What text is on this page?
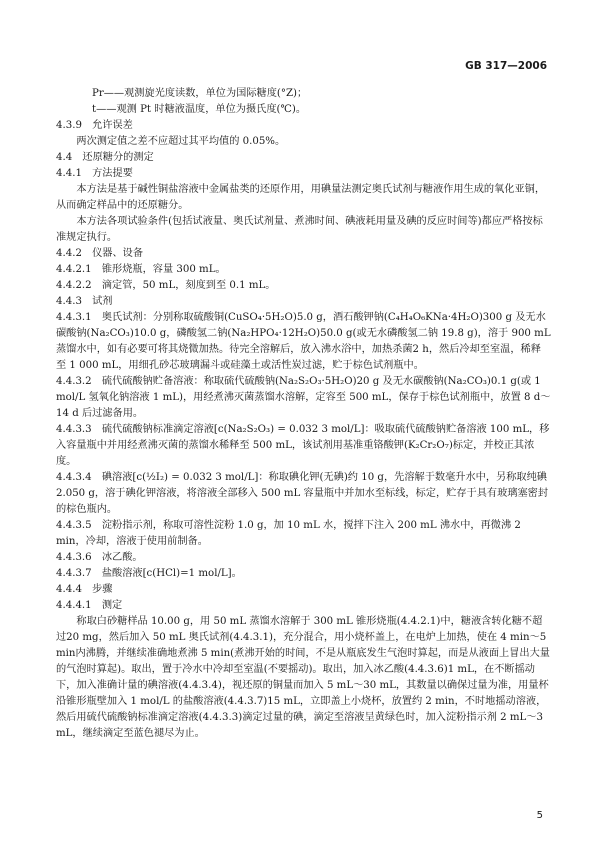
GB 317—2006

Pr——观测旋光度读数，单位为国际糖度(°Z)；

t——观测 Pt 时糖液温度，单位为摄氏度(℃)。

4.3.9　允许误差

两次测定值之差不应超过其平均值的 0.05%。

4.4　还原糖分的测定

4.4.1　方法提要

本方法是基于碱性铜盐溶液中金属盐类的还原作用，用碘量法测定奥氏试剂与糖液作用生成的氧化亚铜，从而确定样品中的还原糖分。

本方法各项试验条件(包括试液量、奥氏试剂量、煮沸时间、碘液耗用量及碘的反应时间等)都应严格按标准规定执行。

4.4.2　仪器、设备

4.4.2.1　锥形烧瓶，容量 300 mL。

4.4.2.2　滴定管，50 mL，刻度到至 0.1 mL。

4.4.3　试剂

4.4.3.1　奥氏试剂：分别称取硫酸铜(CuSO₄·5H₂O)5.0 g，酒石酸钾钠(C₄H₄O₆KNa·4H₂O)300 g 及无水碳酸钠(Na₂CO₃)10.0 g，磷酸氢二钠(Na₂HPO₄·12H₂O)50.0 g(或无水磷酸氢二钠 19.8 g)，溶于 900 mL 蒸馏水中，如有必要可将其烧微加热。待完全溶解后，放入沸水浴中，加热杀菌2 h，然后冷却至室温，稀释至 1 000 mL，用细孔砂芯玻璃漏斗或硅藻土或活性炭过滤，贮于棕色试剂瓶中。

4.4.3.2　硫代硫酸钠贮备溶液：称取硫代硫酸钠(Na₂S₂O₃·5H₂O)20 g 及无水碳酸钠(Na₂CO₃)0.1 g(或 1 mol/L 氢氧化钠溶液 1 mL)，用经煮沸灭菌蒸馏水溶解，定容至 500 mL，保存于棕色试剂瓶中，放置 8 d～14 d 后过滤备用。

4.4.3.3　硫代硫酸钠标准滴定溶液[c(Na₂S₂O₃) = 0.032 3 mol/L]：吸取硫代硫酸钠贮备溶液 100 mL，移入容量瓶中并用经煮沸灭菌的蒸馏水稀释至 500 mL，该试剂用基准重铬酸钾(K₂Cr₂O₇)标定，并校正其浓度。

4.4.3.4　碘溶液[c(½I₂) = 0.032 3 mol/L]：称取碘化钾(无碘)约 10 g，先溶解于数毫升水中，另称取纯碘 2.050 g，溶于碘化钾溶液，将溶液全部移入 500 mL 容量瓶中并加水至标线，标定，贮存于具有玻璃塞密封的棕色瓶内。

4.4.3.5　淀粉指示剂，称取可溶性淀粉 1.0 g，加 10 mL 水，搅拌下注入 200 mL 沸水中，再微沸 2 min，冷却，溶液于使用前制备。

4.4.3.6　冰乙酸。

4.4.3.7　盐酸溶液[c(HCl)=1 mol/L]。

4.4.4　步骤

4.4.4.1　测定

称取白砂糖样品 10.00 g，用 50 mL 蒸馏水溶解于 300 mL 锥形烧瓶(4.4.2.1)中，糖液含转化糖不超过20 mg，然后加入 50 mL 奥氏试剂(4.4.3.1)，充分混合，用小烧杯盖上，在电炉上加热，使在 4 min～5 min内沸腾，并继续准确地煮沸 5 min(煮沸开始的时间，不是从瓶底发生气泡时算起，而是从液面上冒出大量的气泡时算起)。取出，置于冷水中冷却至室温(不要摇动)。取出，加入冰乙酸(4.4.3.6)1 mL，在不断摇动下，加入准确计量的碘溶液(4.4.3.4)，视还原的铜量而加入 5 mL～30 mL，其数量以确保过量为准，用量杯沿锥形瓶壁加入 1 mol/L 的盐酸溶液(4.4.3.7)15 mL，立即盖上小烧杯，放置约 2 min，不时地摇动溶液，然后用硫代硫酸钠标准滴定溶液(4.4.3.3)滴定过量的碘，滴定至溶液呈黄绿色时，加入淀粉指示剂 2 mL～3 mL，继续滴定至蓝色褪尽为止。

5
